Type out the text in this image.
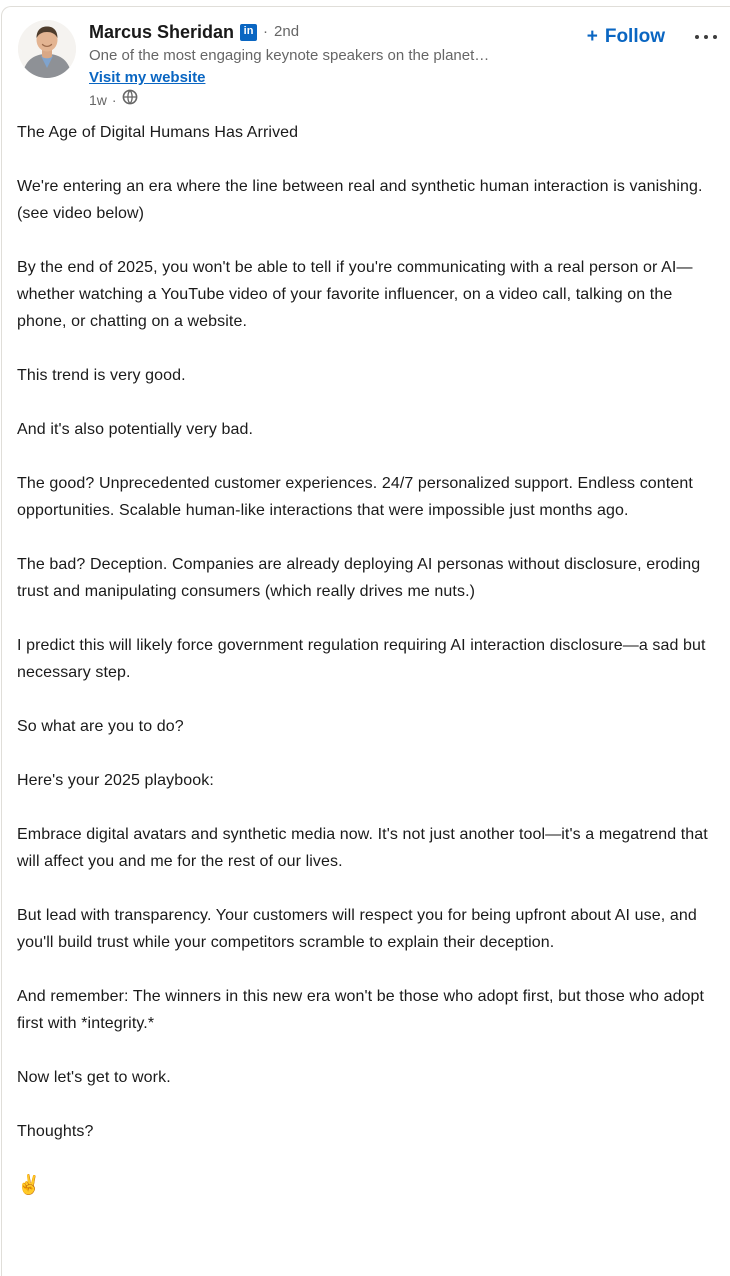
Marcus Sheridan in · 2nd
One of the most engaging keynote speakers on the planet…
Visit my website
1w ·
+ Follow

The Age of Digital Humans Has Arrived

We're entering an era where the line between real and synthetic human interaction is vanishing. (see video below)

By the end of 2025, you won't be able to tell if you're communicating with a real person or AI—whether watching a YouTube video of your favorite influencer, on a video call, talking on the phone, or chatting on a website.

This trend is very good.

And it's also potentially very bad.

The good? Unprecedented customer experiences. 24/7 personalized support. Endless content opportunities. Scalable human-like interactions that were impossible just months ago.

The bad? Deception. Companies are already deploying AI personas without disclosure, eroding trust and manipulating consumers (which really drives me nuts.)

I predict this will likely force government regulation requiring AI interaction disclosure—a sad but necessary step.

So what are you to do?

Here's your 2025 playbook:

Embrace digital avatars and synthetic media now. It's not just another tool—it's a megatrend that will affect you and me for the rest of our lives.

But lead with transparency. Your customers will respect you for being upfront about AI use, and you'll build trust while your competitors scramble to explain their deception.

And remember: The winners in this new era won't be those who adopt first, but those who adopt first with *integrity.*

Now let's get to work.

Thoughts?

✌️
